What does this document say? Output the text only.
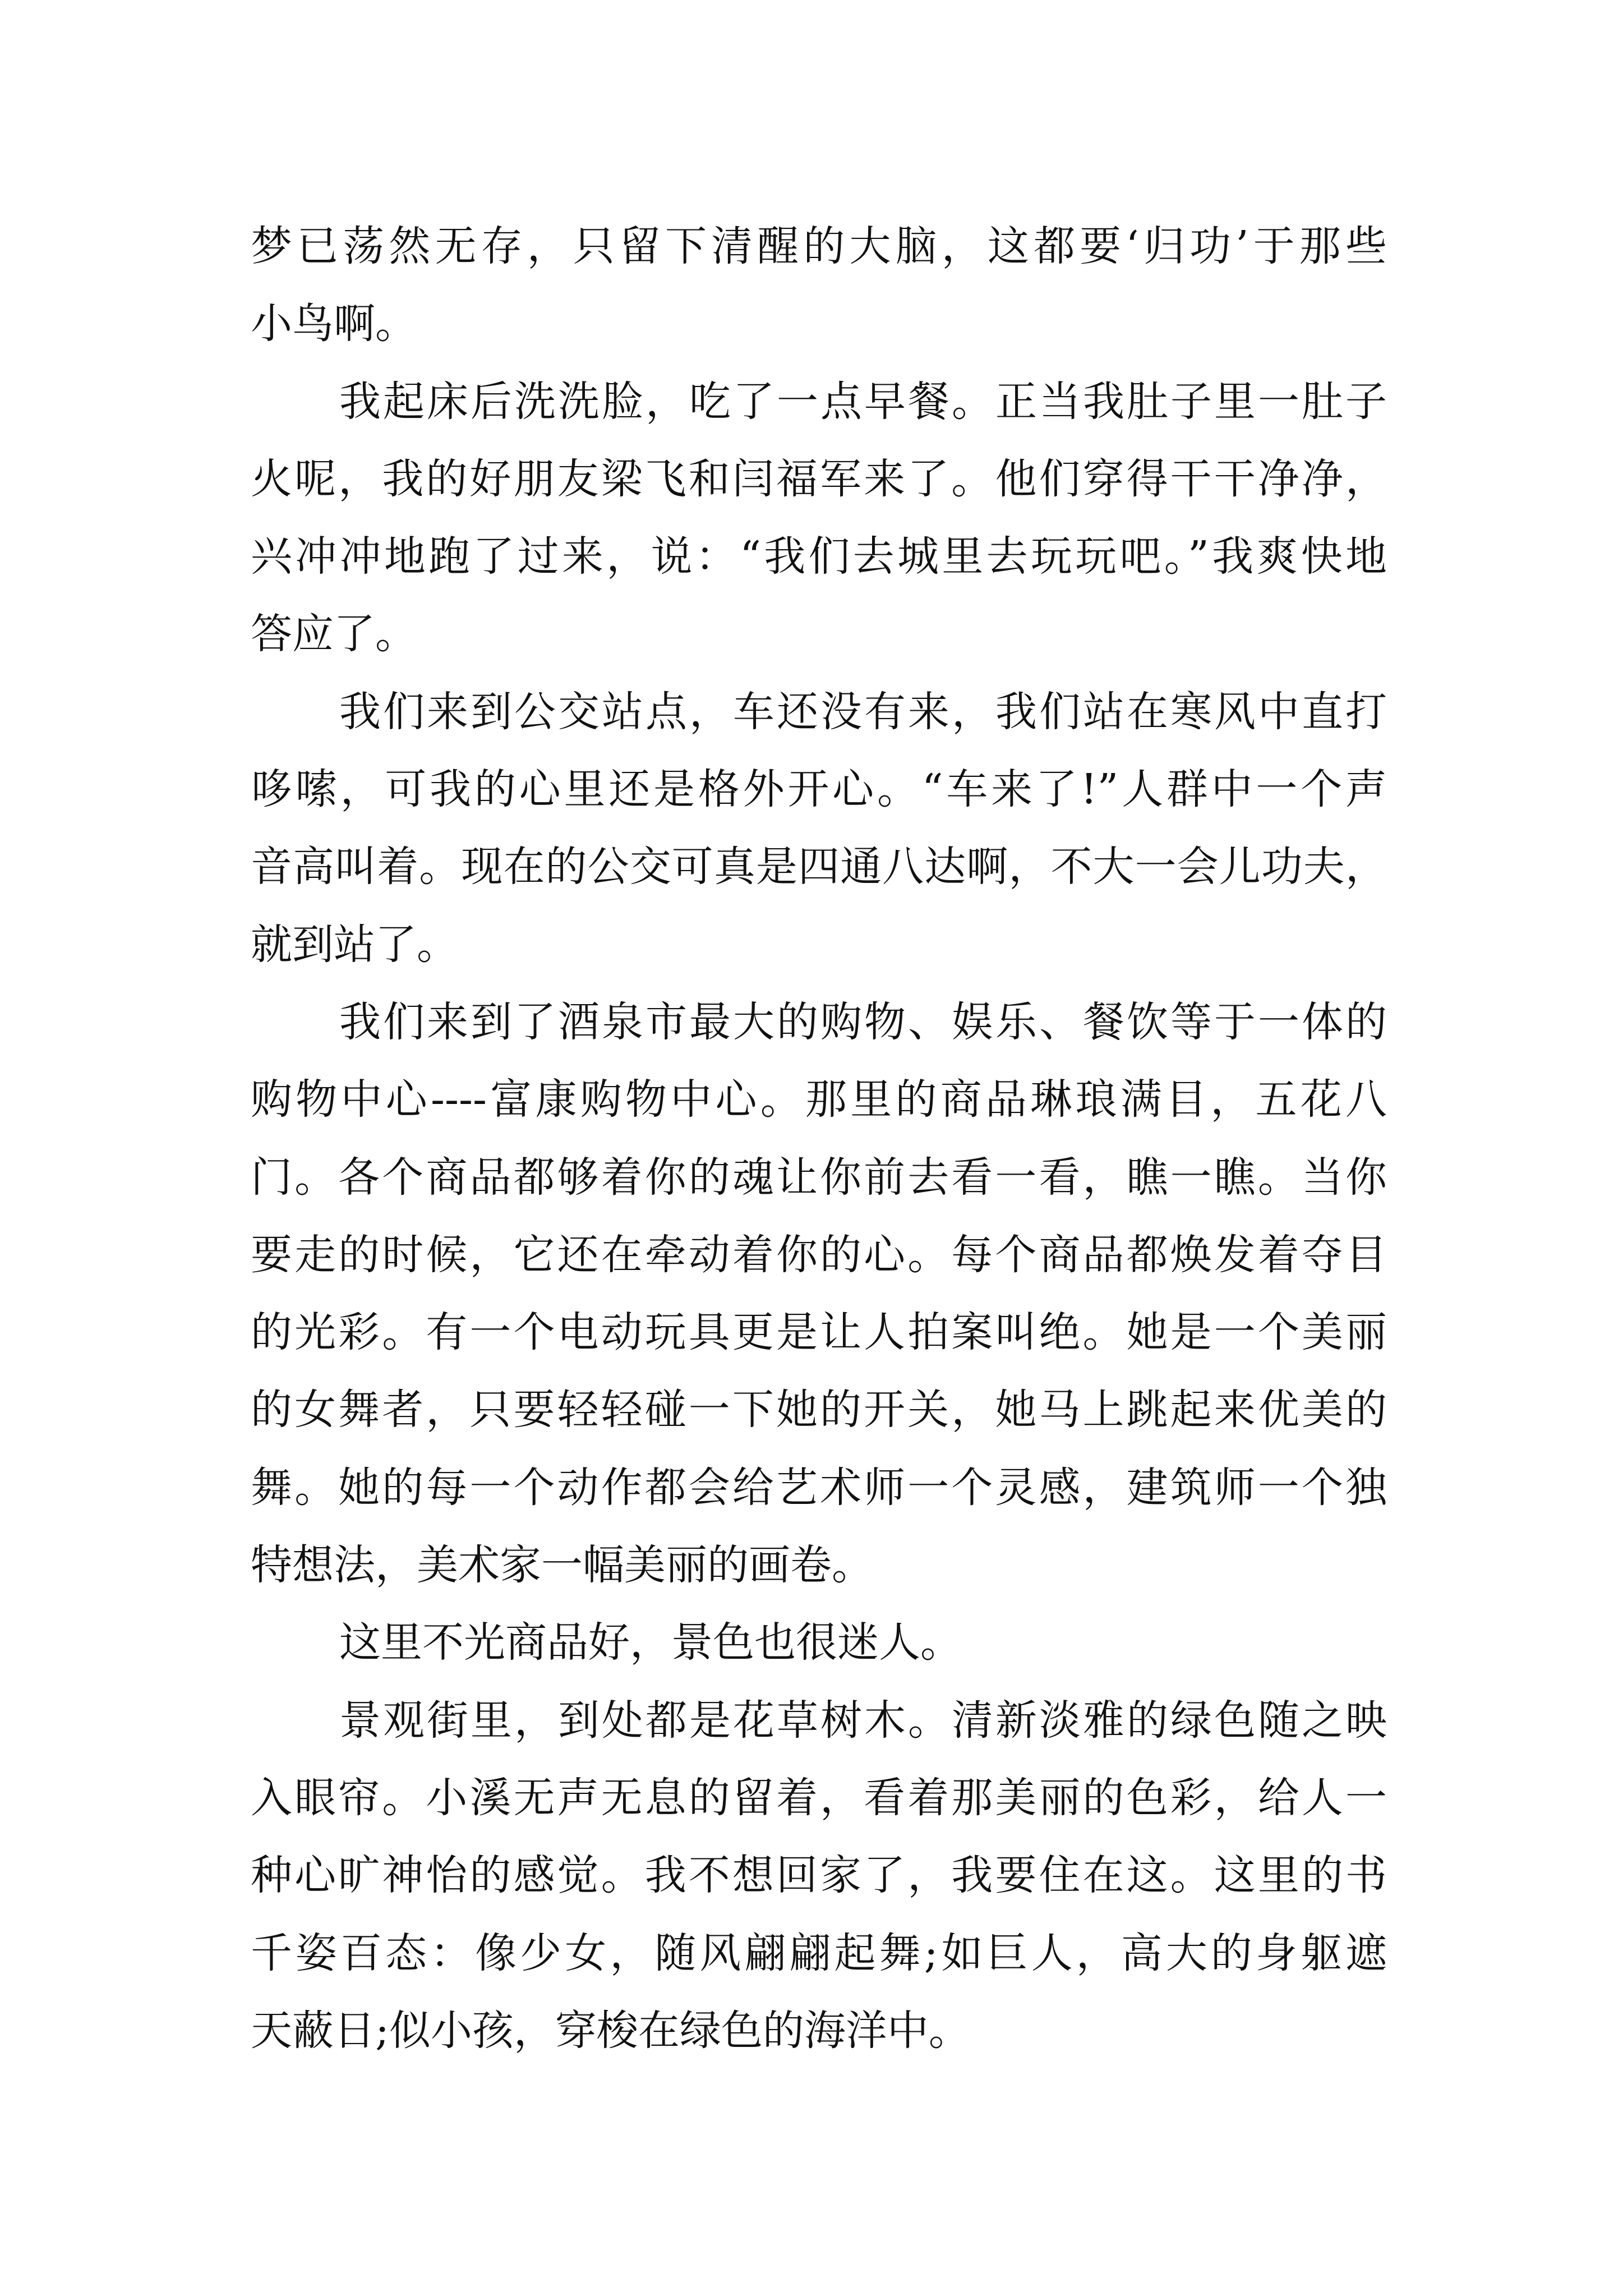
梦已荡然无存，只留下清醒的大脑，这都要‘归功’于那些
小鸟啊。
我起床后洗洗脸，吃了一点早餐。正当我肚子里一肚子
火呢，我的好朋友梁飞和闫福军来了。他们穿得干干净净，
兴冲冲地跑了过来，说：“我们去城里去玩玩吧。”我爽快地
答应了。
我们来到公交站点，车还没有来，我们站在寒风中直打
哆嗦，可我的心里还是格外开心。“车来了!”人群中一个声
音高叫着。现在的公交可真是四通八达啊，不大一会儿功夫，
就到站了。
我们来到了酒泉市最大的购物、娱乐、餐饮等于一体的
购物中心----富康购物中心。那里的商品琳琅满目，五花八
门。各个商品都够着你的魂让你前去看一看，瞧一瞧。当你
要走的时候，它还在牵动着你的心。每个商品都焕发着夺目
的光彩。有一个电动玩具更是让人拍案叫绝。她是一个美丽
的女舞者，只要轻轻碰一下她的开关，她马上跳起来优美的
舞。她的每一个动作都会给艺术师一个灵感，建筑师一个独
特想法，美术家一幅美丽的画卷。
这里不光商品好，景色也很迷人。
景观街里，到处都是花草树木。清新淡雅的绿色随之映
入眼帘。小溪无声无息的留着，看着那美丽的色彩，给人一
种心旷神怡的感觉。我不想回家了，我要住在这。这里的书
千姿百态：像少女，随风翩翩起舞;如巨人，高大的身躯遮
天蔽日;似小孩，穿梭在绿色的海洋中。
